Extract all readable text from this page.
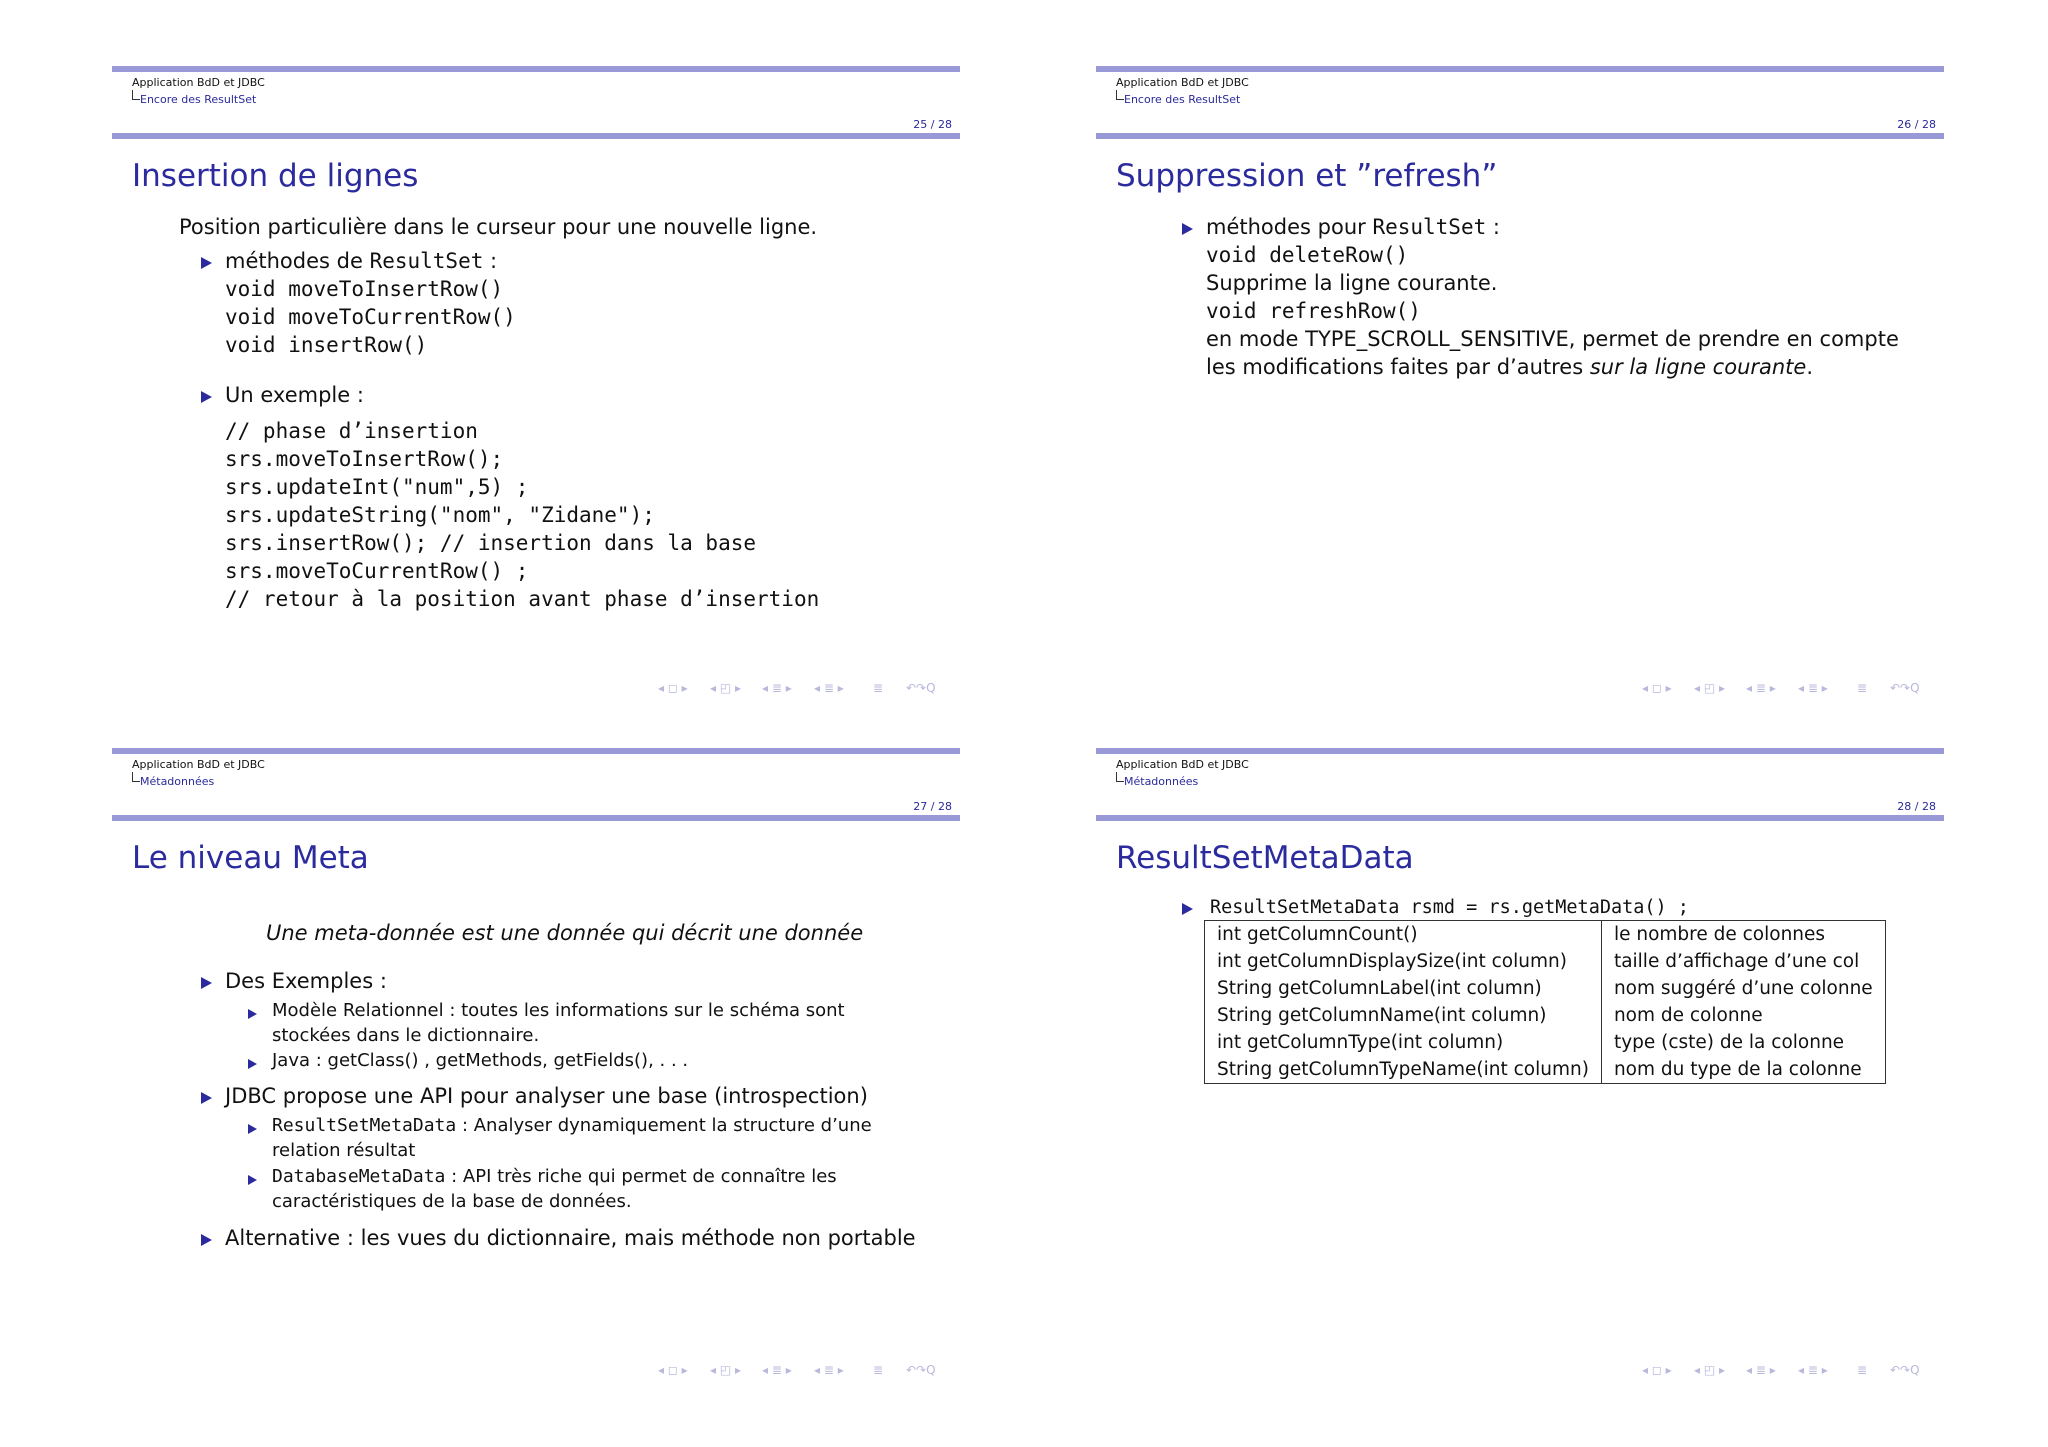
Application BdD et JDBC
Encore des ResultSet
25 / 28
Insertion de lignes
Position particulière dans le curseur pour une nouvelle ligne.
méthodes de ResultSet :
void moveToInsertRow()
void moveToCurrentRow()
void insertRow()
Un exemple :
// phase d’insertion
srs.moveToInsertRow();
srs.updateInt("num",5) ;
srs.updateString("nom", "Zidane");
srs.insertRow(); // insertion dans la base
srs.moveToCurrentRow() ;
// retour à la position avant phase d’insertion
◂ ◻ ▸ ◂ ◰ ▸ ◂ ≣ ▸ ◂ ≣ ▸ ≣ ↶↷Q
Application BdD et JDBC
Encore des ResultSet
26 / 28
Suppression et ”refresh”
méthodes pour ResultSet :
void deleteRow()
Supprime la ligne courante.
void refreshRow()
en mode TYPE_SCROLL_SENSITIVE, permet de prendre en compte
les modifications faites par d’autres sur la ligne courante.
◂ ◻ ▸ ◂ ◰ ▸ ◂ ≣ ▸ ◂ ≣ ▸ ≣ ↶↷Q
Application BdD et JDBC
Métadonnées
27 / 28
Le niveau Meta
Une meta-donnée est une donnée qui décrit une donnée
Des Exemples :
Modèle Relationnel : toutes les informations sur le schéma sont
stockées dans le dictionnaire.
Java : getClass() , getMethods, getFields(), . . .
JDBC propose une API pour analyser une base (introspection)
ResultSetMetaData : Analyser dynamiquement la structure d’une
relation résultat
DatabaseMetaData : API très riche qui permet de connaître les
caractéristiques de la base de données.
Alternative : les vues du dictionnaire, mais méthode non portable
◂ ◻ ▸ ◂ ◰ ▸ ◂ ≣ ▸ ◂ ≣ ▸ ≣ ↶↷Q
Application BdD et JDBC
Métadonnées
28 / 28
ResultSetMetaData
ResultSetMetaData rsmd = rs.getMetaData() ;
int getColumnCount()	le nombre de colonnes
int getColumnDisplaySize(int column)	taille d’affichage d’une col
String getColumnLabel(int column)	nom suggéré d’une colonne
String getColumnName(int column)	nom de colonne
int getColumnType(int column)	type (cste) de la colonne
String getColumnTypeName(int column)	nom du type de la colonne
◂ ◻ ▸ ◂ ◰ ▸ ◂ ≣ ▸ ◂ ≣ ▸ ≣ ↶↷Q
